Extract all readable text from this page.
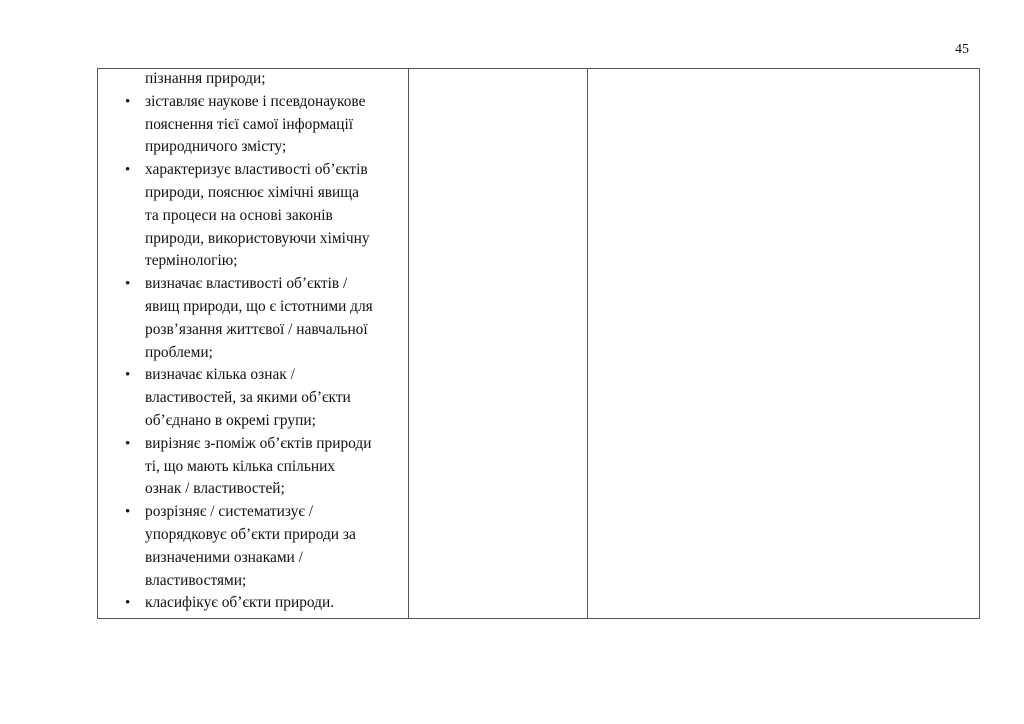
45
пізнання природи;
• зіставляє наукове і псевдонаукове
пояснення тієї самої інформації
природничого змісту;
• характеризує властивості об’єктів
природи, пояснює хімічні явища
та процеси на основі законів
природи, використовуючи хімічну
термінологію;
• визначає властивості об’єктів /
явищ природи, що є істотними для
розв’язання життєвої / навчальної
проблеми;
• визначає кілька ознак /
властивостей, за якими об’єкти
об’єднано в окремі групи;
• вирізняє з-поміж об’єктів природи
ті, що мають кілька спільних
ознак / властивостей;
• розрізняє / систематизує /
упорядковує об’єкти природи за
визначеними ознаками /
властивостями;
• класифікує об’єкти природи.
